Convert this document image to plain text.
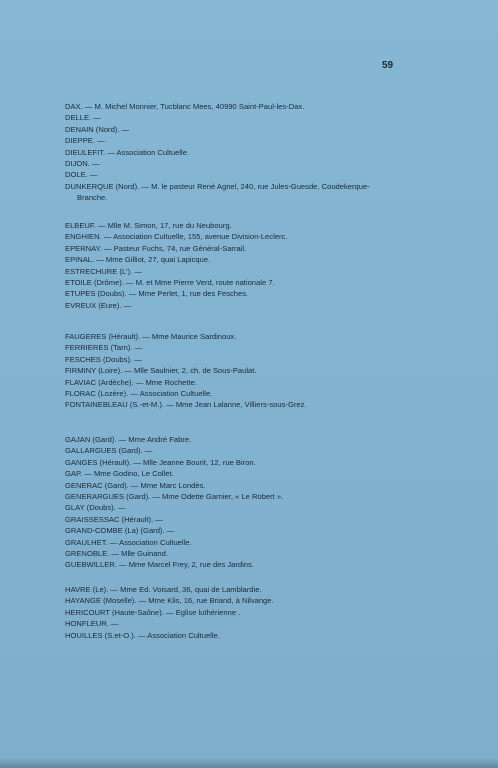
59
DAX. — M. Michel Monnier, Tucblanc Mees, 40990 Saint-Paul-les-Dax.
DELLE. —
DENAIN (Nord). —
DIEPPE. —
DIEULEFIT. — Association Cultuelle.
DIJON. —
DOLE. —
DUNKERQUE (Nord). — M. le pasteur René Agnel, 240, rue Jules-Guesde, Coudekerque-
Branche.
ELBEUF. — Mlle M. Simon, 17, rue du Neubourg.
ENGHIEN. — Association Cultuelle, 155, avenue Division-Leclerc.
EPERNAY. — Pasteur Fuchs, 74, rue Général-Sarrail.
EPINAL. — Mme Gilliot, 27, quai Lapicque.
ESTRECHURE (L'). —
ETOILE (Drôme). — M. et Mme Pierre Verd, route nationale 7.
ETUPES (Doubs). — Mme Perlet, 1, rue des Fesches.
EVREUX (Eure). —
FAUGERES (Hérault). — Mme Maurice Sardinoux.
FERRIERES (Tarn). —
FESCHES (Doubs). —
FIRMINY (Loire). — Mlle Saulnier, 2, ch. de Sous-Paulat.
FLAVIAC (Ardèche). — Mme Rochette.
FLORAC (Lozère). — Association Cultuelle.
FONTAINEBLEAU (S.-et-M.). — Mme Jean Lalanne, Villiers-sous-Grez.
GAJAN (Gard). — Mme André Fabre.
GALLARGUES (Gard). —
GANGES (Hérault). — Mlle Jeanne Bourit, 12, rue Biron.
GAP. — Mme Godino, Le Collet.
GENERAC (Gard). — Mme Marc Londès.
GENERARGUES (Gard). — Mme Odette Garnier, « Le Robert ».
GLAY (Doubs). —
GRAISSESSAC (Hérault). —
GRAND-COMBE (La) (Gard). —
GRAULHET. — Association Cultuelle.
GRENOBLE. — Mlle Guinand.
GUEBWILLER. — Mme Marcel Frey, 2, rue des Jardins.
HAVRE (Le). — Mme Ed. Voisard, 36, quai de Lamblardie.
HAYANGE (Moselle). — Mme Klis, 16, rue Briand, à Nilvange.
HERICOURT (Haute-Saône). — Eglise luthérienne .
HONFLEUR. —
HOUILLES (S.et-O.). — Association Cultuelle.
